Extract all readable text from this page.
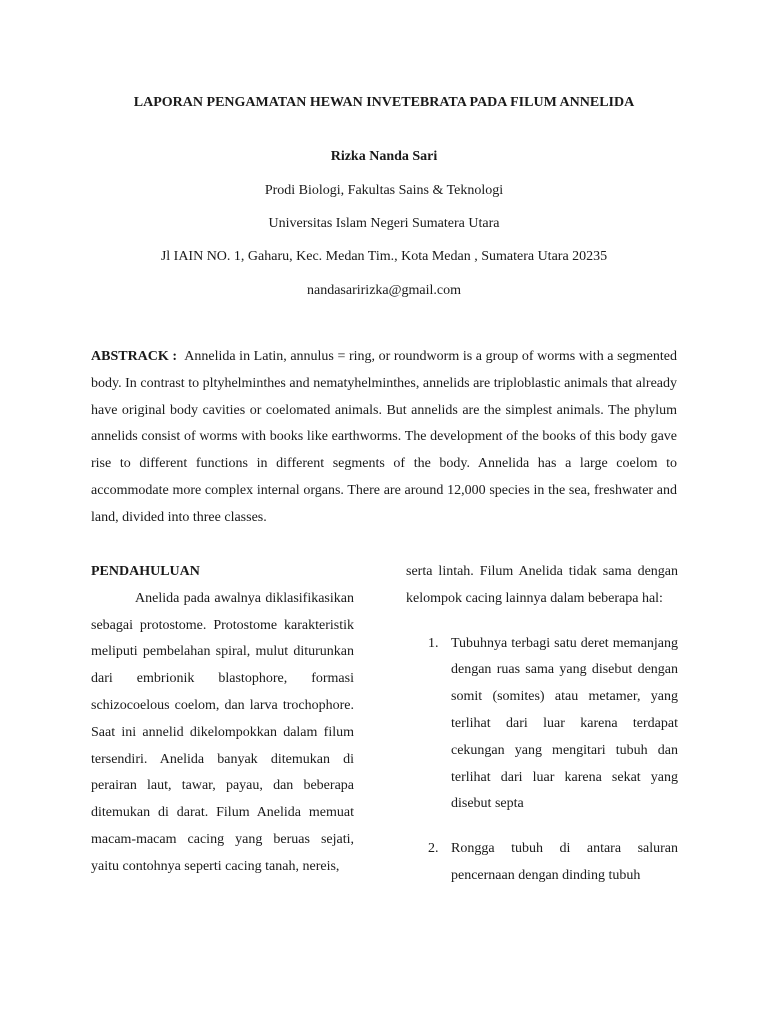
LAPORAN PENGAMATAN HEWAN INVETEBRATA PADA FILUM ANNELIDA
Rizka Nanda Sari
Prodi Biologi, Fakultas Sains & Teknologi
Universitas Islam Negeri Sumatera Utara
Jl IAIN NO. 1, Gaharu, Kec. Medan Tim., Kota Medan , Sumatera Utara 20235
nandasaririzka@gmail.com
ABSTRACK : Annelida in Latin, annulus = ring, or roundworm is a group of worms with a segmented body. In contrast to pltyhelminthes and nematyhelminthes, annelids are triploblastic animals that already have original body cavities or coelomated animals. But annelids are the simplest animals. The phylum annelids consist of worms with books like earthworms. The development of the books of this body gave rise to different functions in different segments of the body. Annelida has a large coelom to accommodate more complex internal organs. There are around 12,000 species in the sea, freshwater and land, divided into three classes.

PENDAHULUAN

Anelida pada awalnya diklasifikasikan sebagai protostome. Protostome karakteristik meliputi pembelahan spiral, mulut diturunkan dari embrionik blastophore, formasi schizocoelous coelom, dan larva trochophore. Saat ini annelid dikelompokkan dalam filum tersendiri. Anelida banyak ditemukan di perairan laut, tawar, payau, dan beberapa ditemukan di darat. Filum Anelida memuat macam-macam cacing yang beruas sejati, yaitu contohnya seperti cacing tanah, nereis,

serta lintah. Filum Anelida tidak sama dengan kelompok cacing lainnya dalam beberapa hal:

1. Tubuhnya terbagi satu deret memanjang dengan ruas sama yang disebut dengan somit (somites) atau metamer, yang terlihat dari luar karena terdapat cekungan yang mengitari tubuh dan terlihat dari luar karena sekat yang disebut septa
2. Rongga tubuh di antara saluran pencernaan dengan dinding tubuh
